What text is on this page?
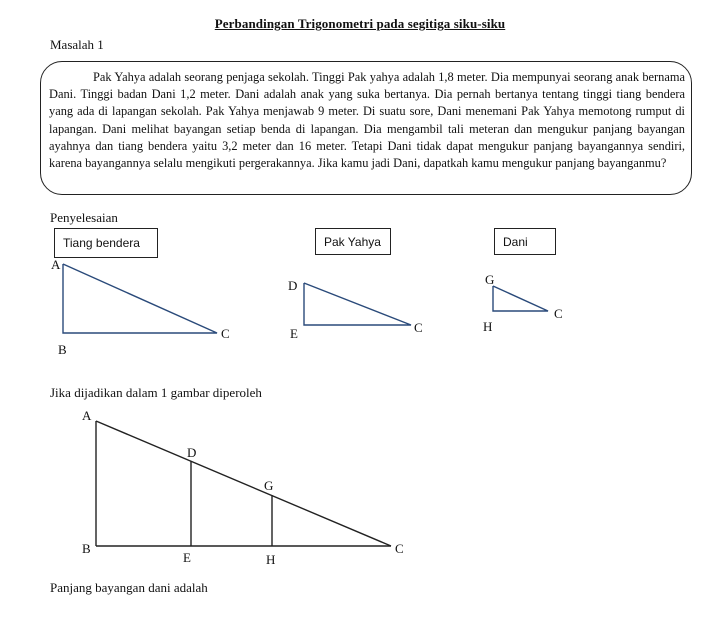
Perbandingan Trigonometri pada segitiga siku-siku
Masalah 1
Pak Yahya adalah seorang penjaga sekolah. Tinggi Pak yahya adalah 1,8 meter. Dia mempunyai seorang anak bernama Dani. Tinggi badan Dani 1,2 meter. Dani adalah anak yang suka bertanya. Dia pernah bertanya tentang tinggi tiang bendera yang ada di lapangan sekolah. Pak Yahya menjawab 9 meter. Di suatu sore, Dani menemani Pak Yahya memotong rumput di lapangan. Dani melihat bayangan setiap benda di lapangan. Dia mengambil tali meteran dan mengukur panjang bayangan ayahnya dan tiang bendera yaitu 3,2 meter dan 16 meter. Tetapi Dani tidak dapat mengukur panjang bayangannya sendiri, karena bayangannya selalu mengikuti pergerakannya. Jika kamu jadi Dani, dapatkah kamu mengukur panjang bayanganmu?
Penyelesaian
Tiang bendera	Pak Yahya	Dani
A
B
C
D
E	C
G
H
C
A
B	C
D
E
G
H
Jika dijadikan dalam 1 gambar diperoleh
Panjang bayangan dani adalah
